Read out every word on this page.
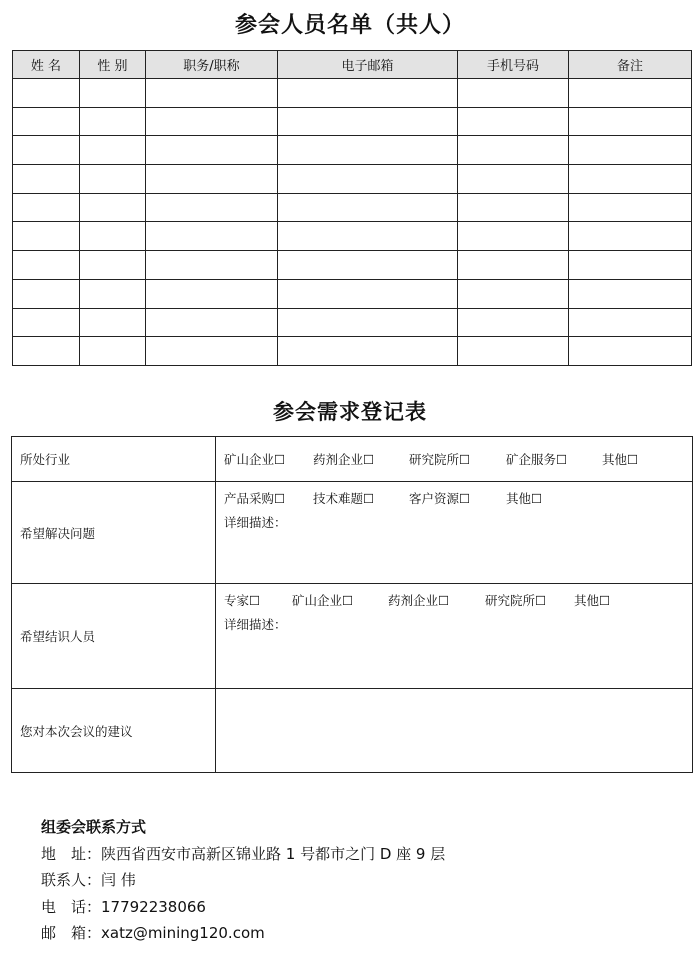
参会人员名单（共人）
姓 名	性 别	职务/职称	电子邮箱	手机号码	备注

参会需求登记表
所处行业	矿山企业☐ 药剂企业☐ 研究院所☐ 矿企服务☐ 其他☐

希望解决问题	产品采购☐ 技术难题☐ 客户资源☐ 其他☐
详细描述：

希望结识人员	专家☐ 矿山企业☐ 药剂企业☐ 研究院所☐ 其他☐
详细描述：

您对本次会议的建议	
组委会联系方式
地　址：陕西省西安市高新区锦业路 1 号都市之门 D 座 9 层
联系人：闫 伟
电　话：17792238066
邮　箱：xatz@mining120.com
